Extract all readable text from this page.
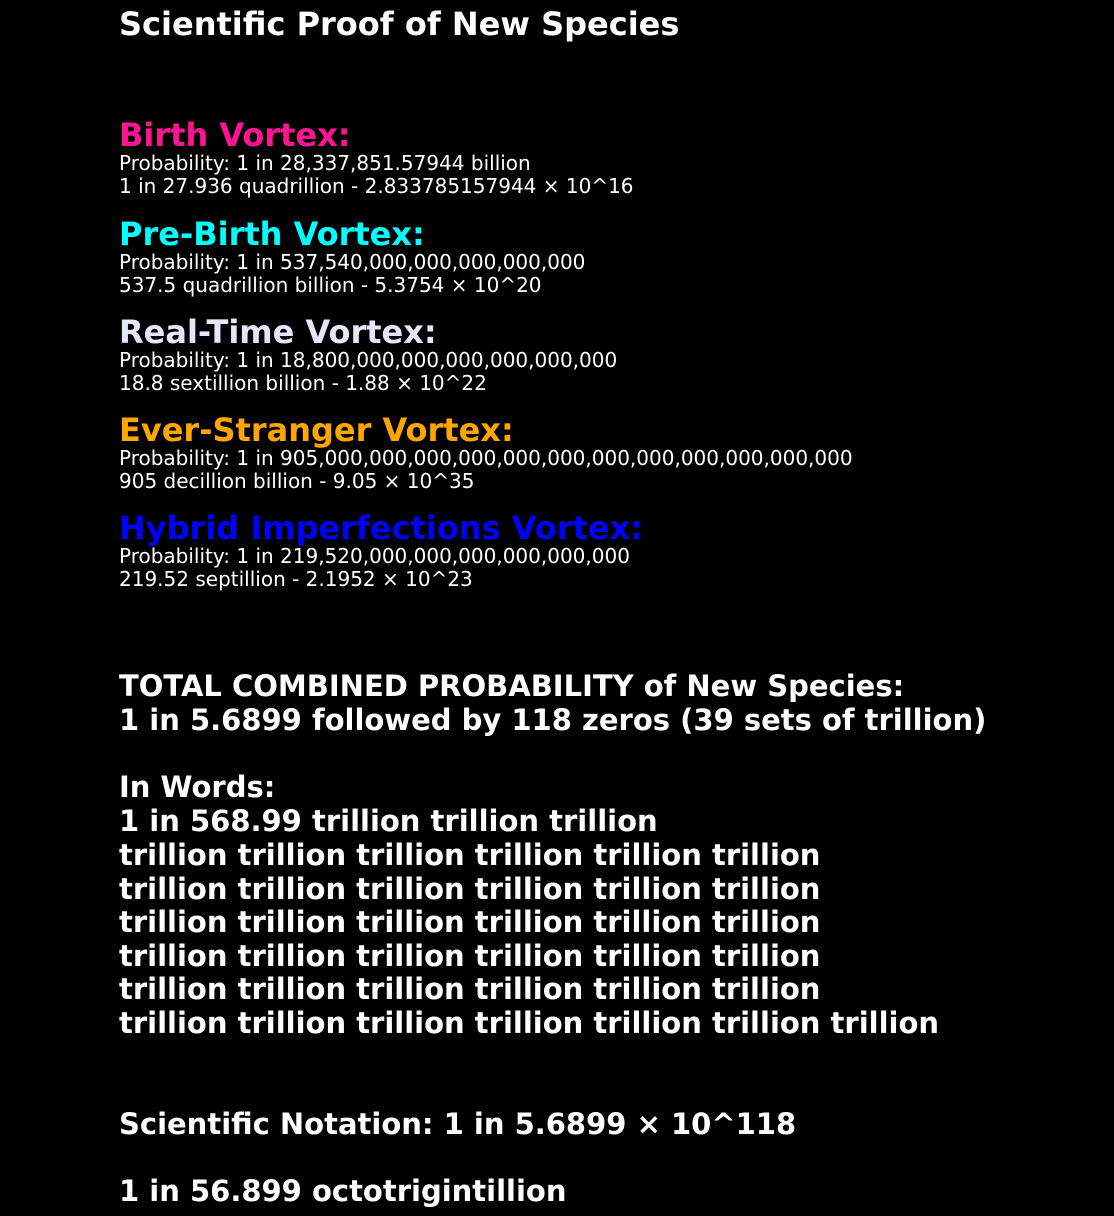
Scientific Proof of New Species
Birth Vortex:
Probability: 1 in 28,337,851.57944 billion
1 in 27.936 quadrillion - 2.833785157944 × 10^16
Pre-Birth Vortex:
Probability: 1 in 537,540,000,000,000,000,000
537.5 quadrillion billion - 5.3754 × 10^20
Real-Time Vortex:
Probability: 1 in 18,800,000,000,000,000,000,000
18.8 sextillion billion - 1.88 × 10^22
Ever-Stranger Vortex:
Probability: 1 in 905,000,000,000,000,000,000,000,000,000,000,000,000
905 decillion billion - 9.05 × 10^35
Hybrid Imperfections Vortex:
Probability: 1 in 219,520,000,000,000,000,000,000
219.52 septillion - 2.1952 × 10^23
TOTAL COMBINED PROBABILITY of New Species:
1 in 5.6899 followed by 118 zeros (39 sets of trillion)
In Words:
1 in 568.99 trillion trillion trillion
trillion trillion trillion trillion trillion trillion
trillion trillion trillion trillion trillion trillion
trillion trillion trillion trillion trillion trillion
trillion trillion trillion trillion trillion trillion
trillion trillion trillion trillion trillion trillion
trillion trillion trillion trillion trillion trillion trillion
Scientific Notation: 1 in 5.6899 × 10^118
1 in 56.899 octotrigintillion
